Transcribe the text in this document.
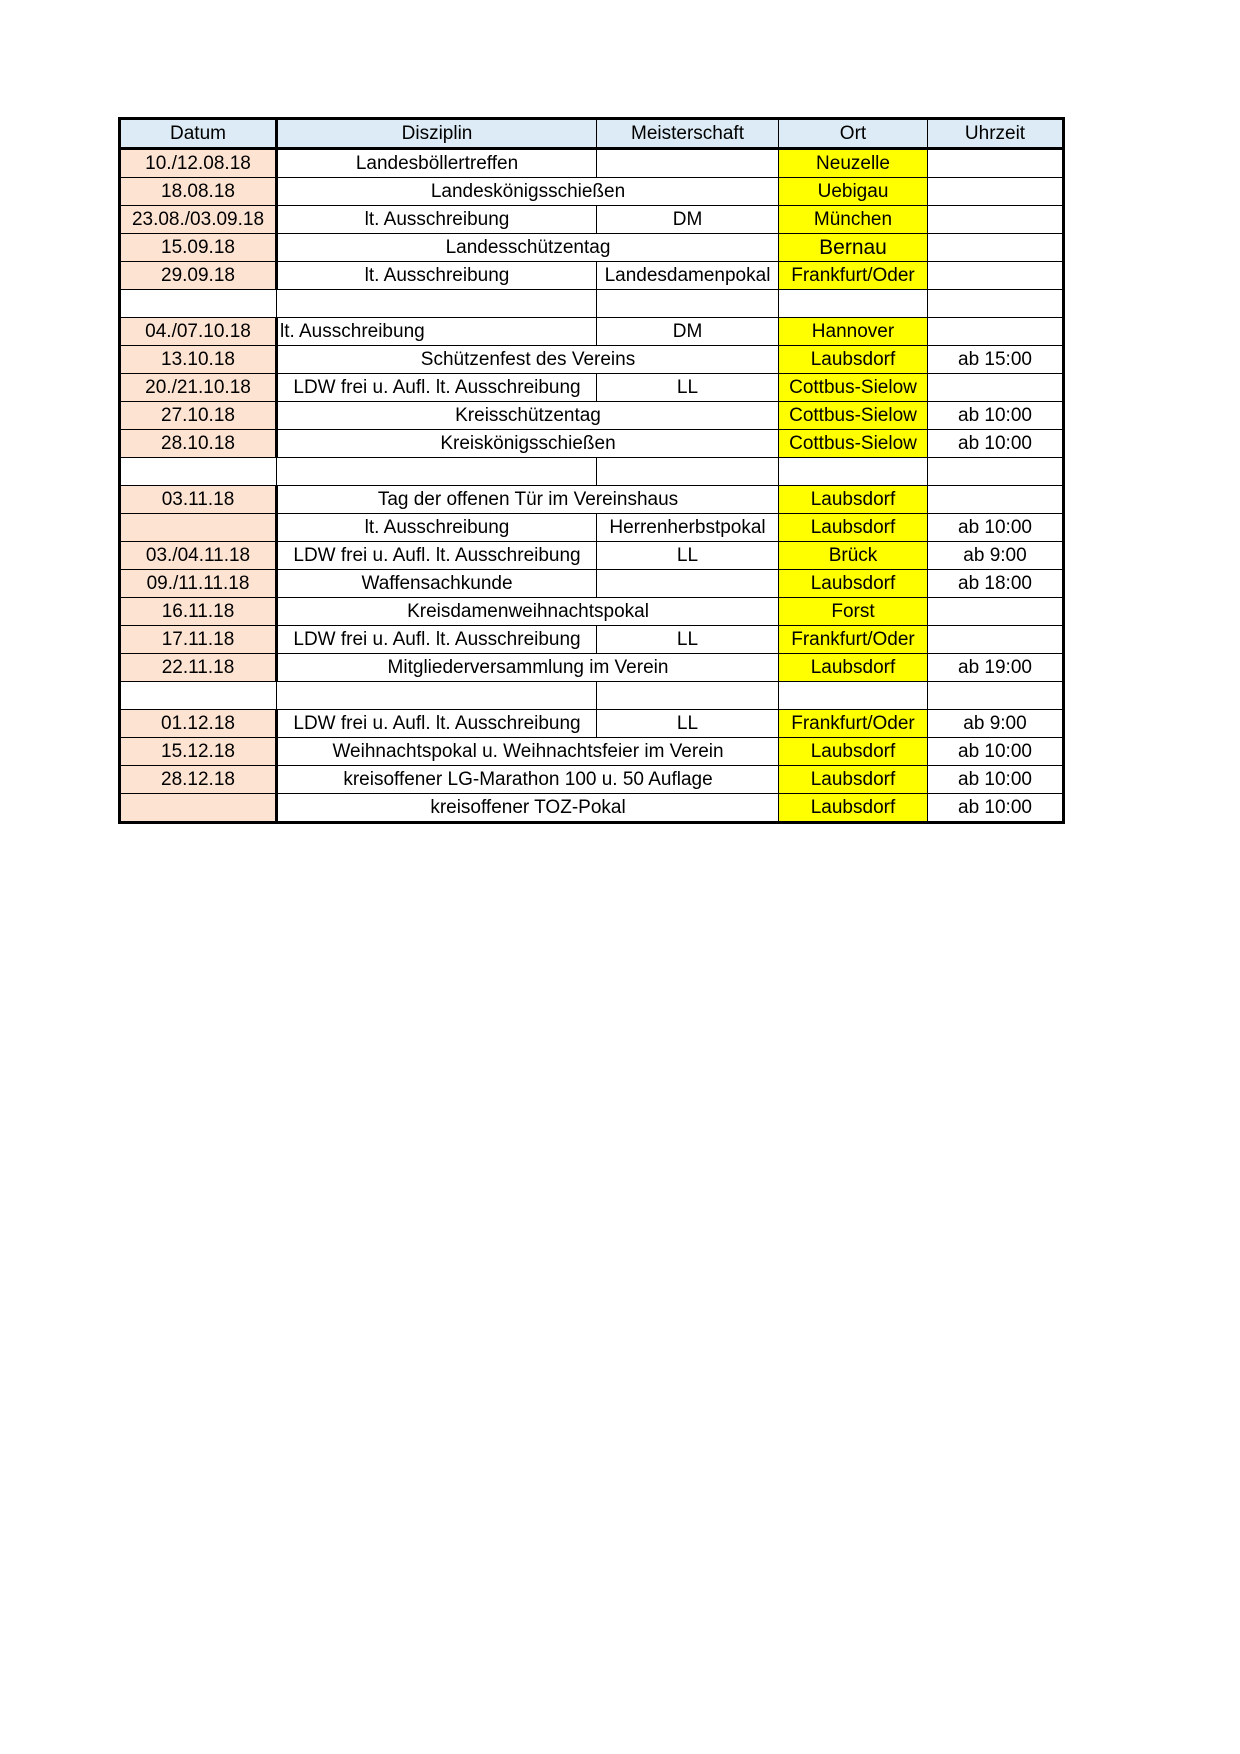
Datum	Disziplin	Meisterschaft	Ort	Uhrzeit
10./12.08.18	Landesböllertreffen		Neuzelle	
18.08.18	Landeskönigsschießen		Uebigau	
23.08./03.09.18	lt. Ausschreibung	DM	München	
15.09.18	Landesschützentag		Bernau	
29.09.18	lt. Ausschreibung	Landesdamenpokal	Frankfurt/Oder	

04./07.10.18	lt. Ausschreibung	DM	Hannover	
13.10.18	Schützenfest des Vereins		Laubsdorf	ab 15:00
20./21.10.18	LDW frei u. Aufl. lt. Ausschreibung	LL	Cottbus-Sielow	
27.10.18	Kreisschützentag		Cottbus-Sielow	ab 10:00
28.10.18	Kreiskönigsschießen		Cottbus-Sielow	ab 10:00

03.11.18	Tag der offenen Tür im Vereinshaus		Laubsdorf	
	lt. Ausschreibung	Herrenherbstpokal	Laubsdorf	ab 10:00
03./04.11.18	LDW frei u. Aufl. lt. Ausschreibung	LL	Brück	ab 9:00
09./11.11.18	Waffensachkunde		Laubsdorf	ab 18:00
16.11.18	Kreisdamenweihnachtspokal		Forst	
17.11.18	LDW frei u. Aufl. lt. Ausschreibung	LL	Frankfurt/Oder	
22.11.18	Mitgliederversammlung im Verein		Laubsdorf	ab 19:00

01.12.18	LDW frei u. Aufl. lt. Ausschreibung	LL	Frankfurt/Oder	ab 9:00
15.12.18	Weihnachtspokal u. Weihnachtsfeier im Verein		Laubsdorf	ab 10:00
28.12.18	kreisoffener LG-Marathon 100 u. 50 Auflage		Laubsdorf	ab 10:00
	kreisoffener TOZ-Pokal		Laubsdorf	ab 10:00
